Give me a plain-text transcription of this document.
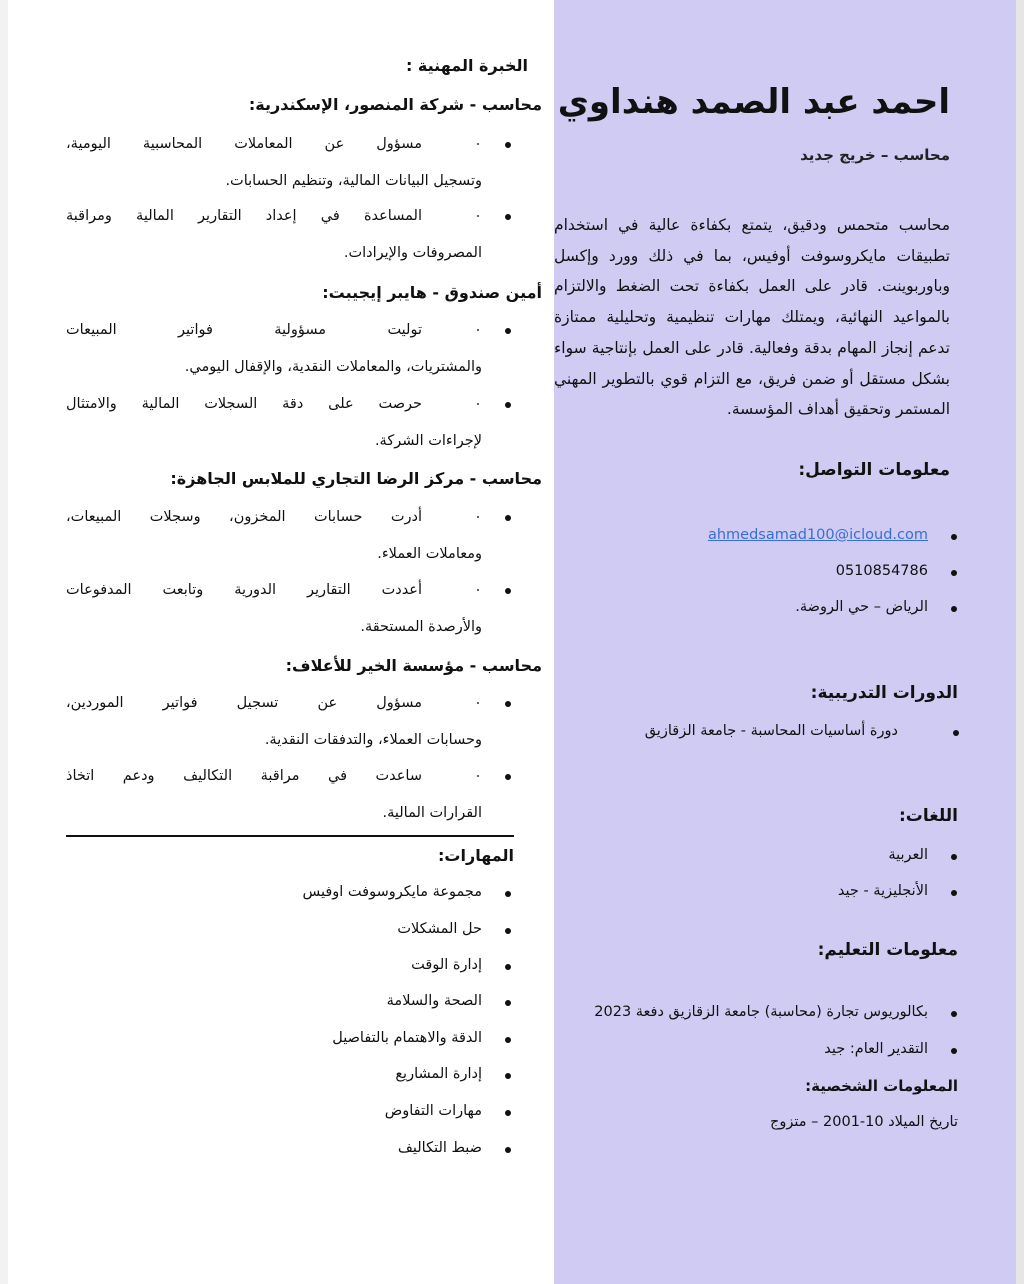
احمد عبد الصمد هنداوي
محاسب – خريج جديد
محاسب متحمس ودقيق، يتمتع بكفاءة عالية في استخدام تطبيقات مايكروسوفت أوفيس، بما في ذلك وورد وإكسل وباوربوينت. قادر على العمل بكفاءة تحت الضغط والالتزام بالمواعيد النهائية، ويمتلك مهارات تنظيمية وتحليلية ممتازة تدعم إنجاز المهام بدقة وفعالية. قادر على العمل بإنتاجية سواء بشكل مستقل أو ضمن فريق، مع التزام قوي بالتطوير المهني المستمر وتحقيق أهداف المؤسسة.
معلومات التواصل:
ahmedsamad100@icloud.com
0510854786
الرياض – حي الروضة.
الدورات التدريبية:
دورة أساسيات المحاسبة - جامعة الزقازيق
اللغات:
العربية
الأنجليزية - جيد
معلومات التعليم:
بكالوريوس تجارة (محاسبة) جامعة الزقازيق دفعة 2023
التقدير العام: جيد
المعلومات الشخصية:
تاريخ الميلاد 10-2001 – متزوج
الخبرة المهنية :
محاسب - شركة المنصور، الإسكندرية:
مسؤول عن المعاملات المحاسبية اليومية،
وتسجيل البيانات المالية، وتنظيم الحسابات.
المساعدة في إعداد التقارير المالية ومراقبة
المصروفات والإيرادات.
أمين صندوق - هايبر إيجيبت:
توليت مسؤولية فواتير المبيعات
والمشتريات، والمعاملات النقدية، والإقفال اليومي.
حرصت على دقة السجلات المالية والامتثال
لإجراءات الشركة.
محاسب - مركز الرضا التجاري للملابس الجاهزة:
أدرت حسابات المخزون، وسجلات المبيعات،
ومعاملات العملاء.
أعددت التقارير الدورية وتابعت المدفوعات
والأرصدة المستحقة.
محاسب - مؤسسة الخير للأعلاف:
مسؤول عن تسجيل فواتير الموردين،
وحسابات العملاء، والتدفقات النقدية.
ساعدت في مراقبة التكاليف ودعم اتخاذ
القرارات المالية.
المهارات:
مجموعة مايكروسوفت اوفيس
حل المشكلات
إدارة الوقت
الصحة والسلامة
الدقة والاهتمام بالتفاصيل
إدارة المشاريع
مهارات التفاوض
ضبط التكاليف
